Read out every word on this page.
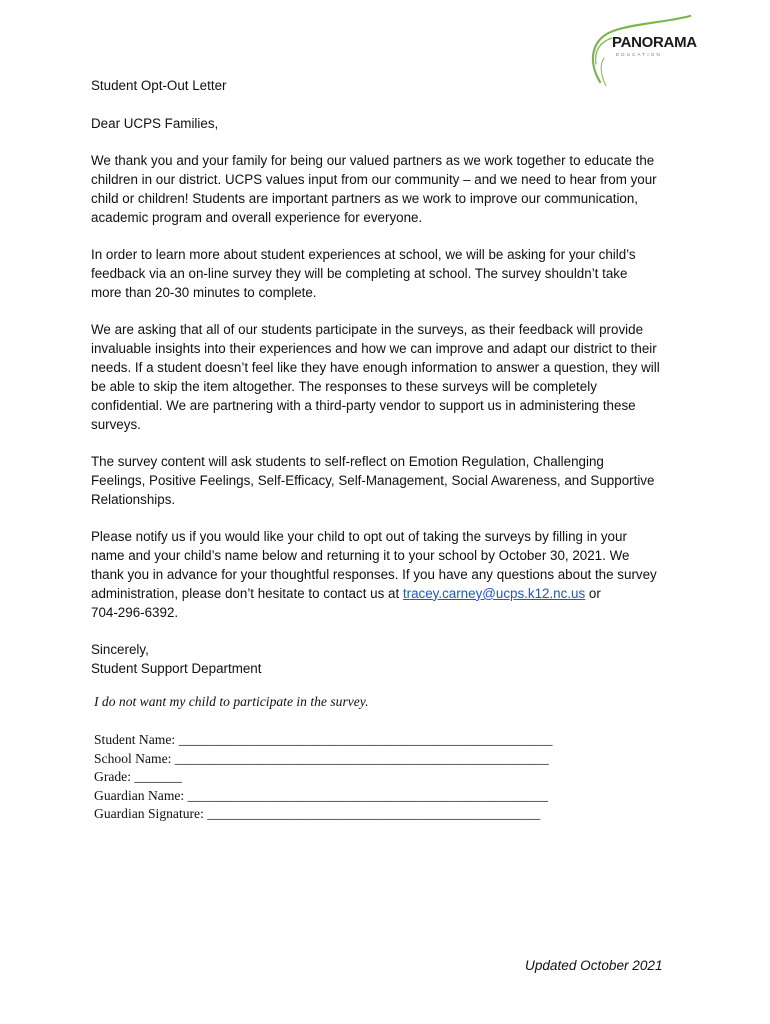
PANORAMA
EDUCATION

Student Opt-Out Letter

Dear UCPS Families,

We thank you and your family for being our valued partners as we work together to educate the

children in our district. UCPS values input from our community – and we need to hear from your

child or children! Students are important partners as we work to improve our communication,

academic program and overall experience for everyone.

In order to learn more about student experiences at school, we will be asking for your child’s

feedback via an on-line survey they will be completing at school. The survey shouldn’t take

more than 20-30 minutes to complete.

We are asking that all of our students participate in the surveys, as their feedback will provide

invaluable insights into their experiences and how we can improve and adapt our district to their

needs. If a student doesn’t feel like they have enough information to answer a question, they will

be able to skip the item altogether. The responses to these surveys will be completely

confidential. We are partnering with a third-party vendor to support us in administering these

surveys.

The survey content will ask students to self-reflect on Emotion Regulation, Challenging

Feelings, Positive Feelings, Self-Efficacy, Self-Management, Social Awareness, and Supportive

Relationships.

Please notify us if you would like your child to opt out of taking the surveys by filling in your

name and your child’s name below and returning it to your school by October 30, 2021. We

thank you in advance for your thoughtful responses. If you have any questions about the survey

administration, please don’t hesitate to contact us at tracey.carney@ucps.k12.nc.us or

704-296-6392.

Sincerely,

Student Support Department

I do not want my child to participate in the survey.

Student Name: _______________________________________________________

School Name: _______________________________________________________

Grade: _______

Guardian Name: _____________________________________________________

Guardian Signature: _________________________________________________

Updated October 2021
